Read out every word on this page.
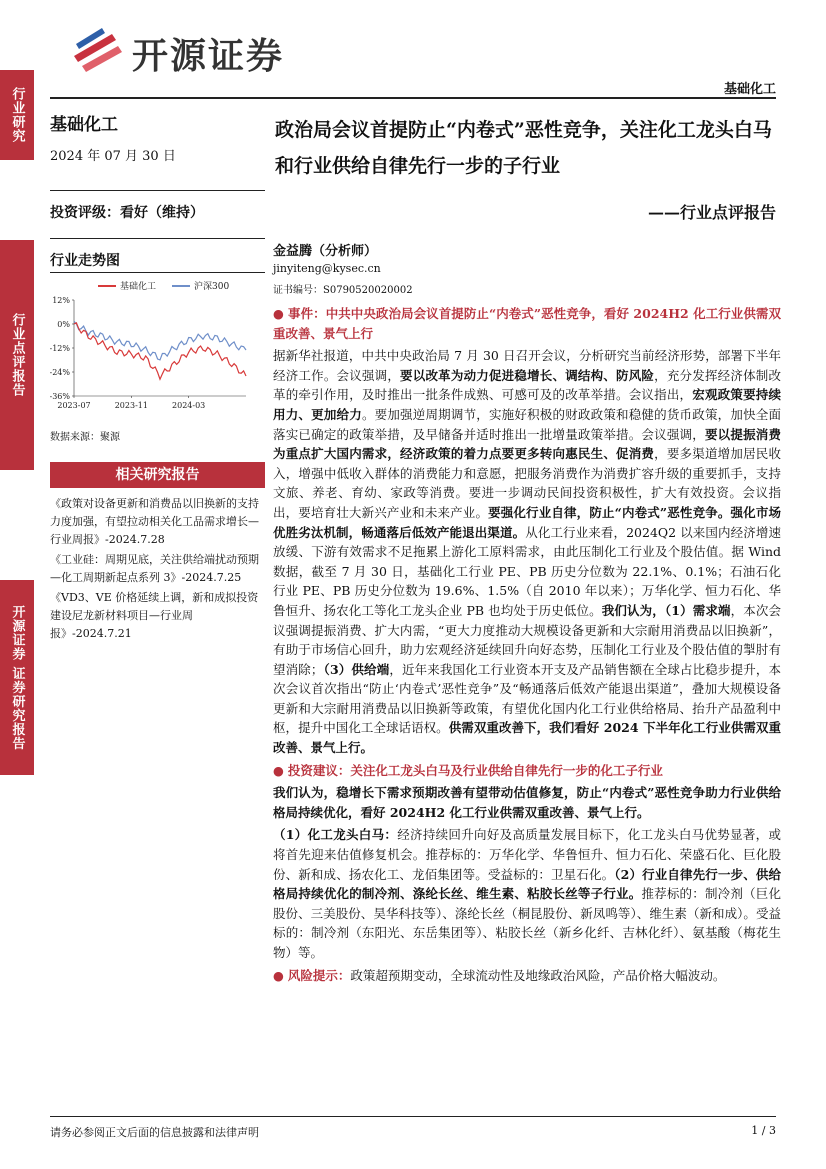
开源证券
基础化工
行业研究
行业点评报告
开源证券 证券研究报告
基础化工
2024 年 07 月 30 日
投资评级：看好（维持）
行业走势图
基础化工	沪深300
12%
0%
-12%
-24%
-36%
2023-07	2023-11	2024-03
数据来源：聚源
相关研究报告
《政策对设备更新和消费品以旧换新的支持力度加强，有望拉动相关化工品需求增长—行业周报》-2024.7.28
《工业硅：周期见底，关注供给端扰动预期—化工周期新起点系列 3》-2024.7.25
《VD3、VE 价格延续上调，新和成拟投资建设尼龙新材料项目—行业周报》-2024.7.21
政治局会议首提防止“内卷式”恶性竞争，关注化工龙头白马和行业供给自律先行一步的子行业
——行业点评报告
金益腾（分析师）
jinyiteng@kysec.cn
证书编号：S0790520020002
● 事件：中共中央政治局会议首提防止“内卷式”恶性竞争，看好 2024H2 化工行业供需双重改善、景气上行
据新华社报道，中共中央政治局 7 月 30 日召开会议，分析研究当前经济形势，部署下半年经济工作。会议强调，要以改革为动力促进稳增长、调结构、防风险，充分发挥经济体制改革的牵引作用，及时推出一批条件成熟、可感可及的改革举措。会议指出，宏观政策要持续用力、更加给力。要加强逆周期调节，实施好积极的财政政策和稳健的货币政策，加快全面落实已确定的政策举措，及早储备并适时推出一批增量政策举措。会议强调，要以提振消费为重点扩大国内需求，经济政策的着力点要更多转向惠民生、促消费，要多渠道增加居民收入，增强中低收入群体的消费能力和意愿，把服务消费作为消费扩容升级的重要抓手，支持文旅、养老、育幼、家政等消费。要进一步调动民间投资积极性，扩大有效投资。会议指出，要培育壮大新兴产业和未来产业。要强化行业自律，防止“内卷式”恶性竞争。强化市场优胜劣汰机制，畅通落后低效产能退出渠道。从化工行业来看，2024Q2 以来国内经济增速放缓、下游有效需求不足拖累上游化工原料需求，由此压制化工行业及个股估值。据 Wind 数据，截至 7 月 30 日，基础化工行业 PE、PB 历史分位数为 22.1%、0.1%；石油石化行业 PE、PB 历史分位数为 19.6%、1.5%（自 2010 年以来）；万华化学、恒力石化、华鲁恒升、扬农化工等化工龙头企业 PB 也均处于历史低位。我们认为，（1）需求端，本次会议强调提振消费、扩大内需，“更大力度推动大规模设备更新和大宗耐用消费品以旧换新”，有助于市场信心回升，助力宏观经济延续回升向好态势，压制化工行业及个股估值的掣肘有望消除；（3）供给端，近年来我国化工行业资本开支及产品销售额在全球占比稳步提升，本次会议首次指出“防止‘内卷式’恶性竞争”及“畅通落后低效产能退出渠道”，叠加大规模设备更新和大宗耐用消费品以旧换新等政策，有望优化国内化工行业供给格局、抬升产品盈利中枢，提升中国化工全球话语权。供需双重改善下，我们看好 2024 下半年化工行业供需双重改善、景气上行。
● 投资建议：关注化工龙头白马及行业供给自律先行一步的化工子行业
我们认为，稳增长下需求预期改善有望带动估值修复，防止“内卷式”恶性竞争助力行业供给格局持续优化，看好 2024H2 化工行业供需双重改善、景气上行。
（1）化工龙头白马：经济持续回升向好及高质量发展目标下，化工龙头白马优势显著，或将首先迎来估值修复机会。推荐标的：万华化学、华鲁恒升、恒力石化、荣盛石化、巨化股份、新和成、扬农化工、龙佰集团等。受益标的：卫星石化。（2）行业自律先行一步、供给格局持续优化的制冷剂、涤纶长丝、维生素、粘胶长丝等子行业。推荐标的：制冷剂（巨化股份、三美股份、昊华科技等）、涤纶长丝（桐昆股份、新凤鸣等）、维生素（新和成）。受益标的：制冷剂（东阳光、东岳集团等）、粘胶长丝（新乡化纤、吉林化纤）、氨基酸（梅花生物）等。
● 风险提示：政策超预期变动，全球流动性及地缘政治风险，产品价格大幅波动。
请务必参阅正文后面的信息披露和法律声明	1 / 3
